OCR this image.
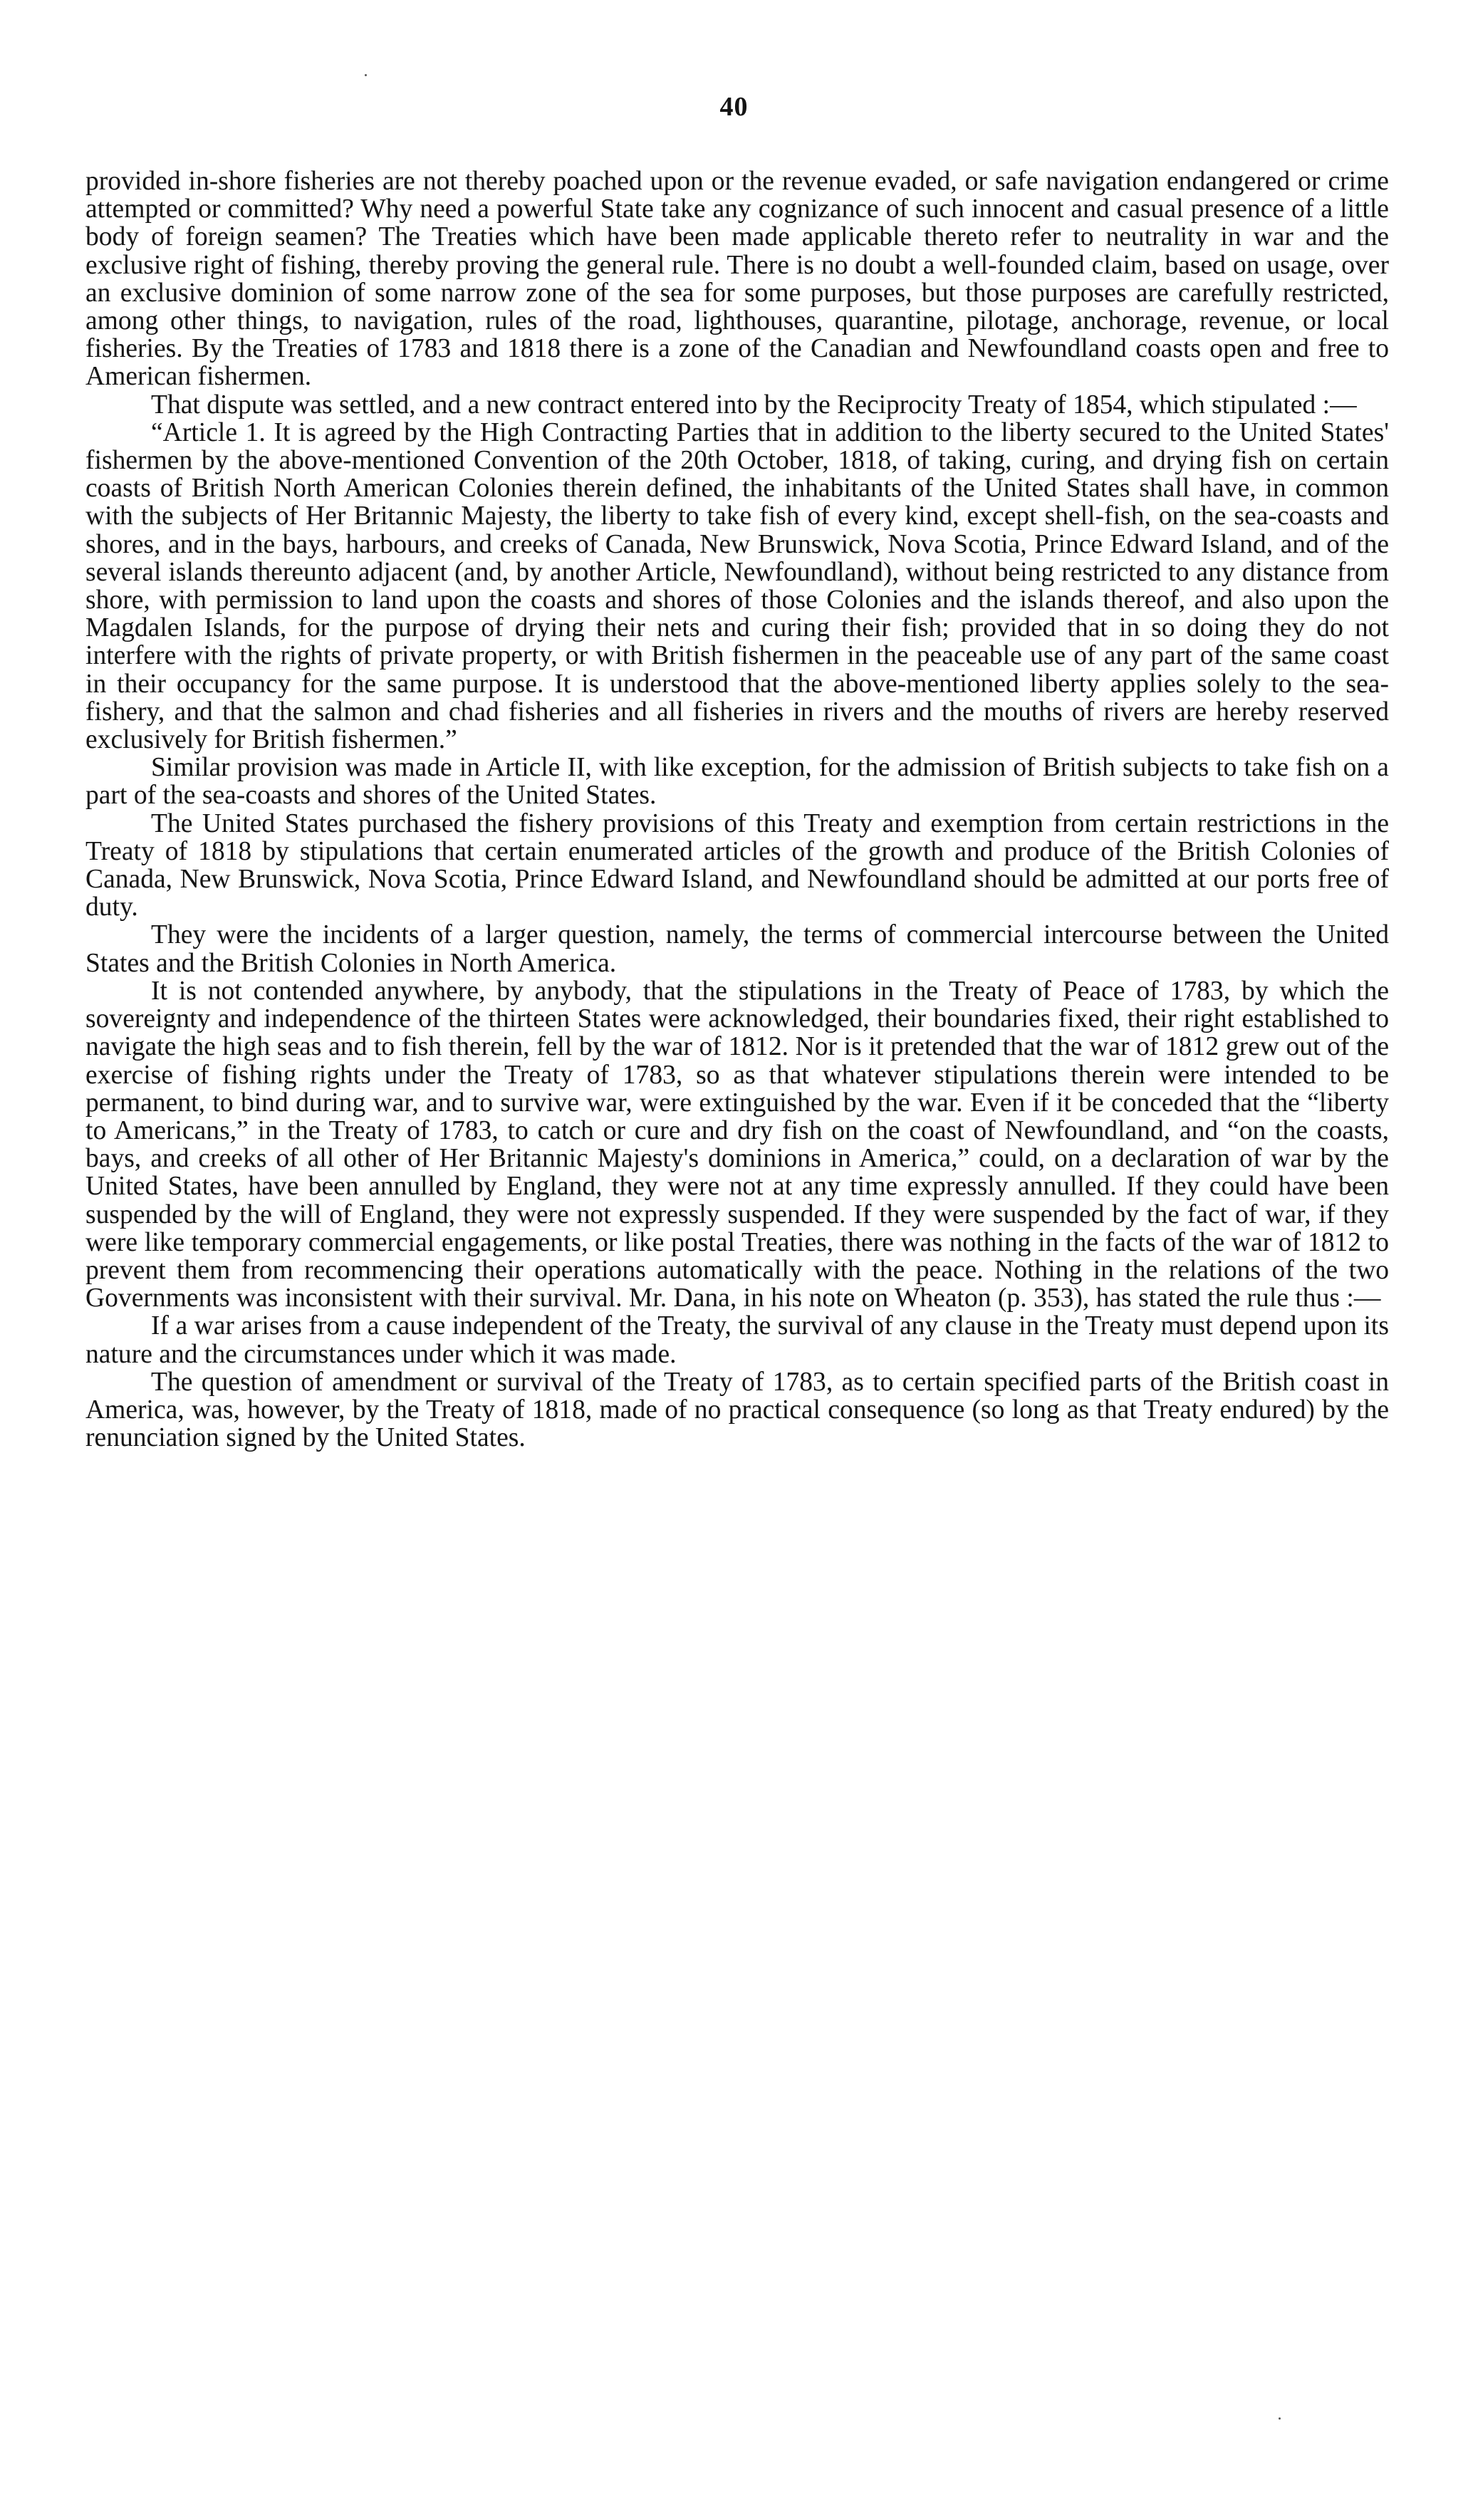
40

provided in-shore fisheries are not thereby poached upon or the revenue evaded, or safe navigation endangered or crime attempted or committed? Why need a powerful State take any cognizance of such innocent and casual presence of a little body of foreign seamen? The Treaties which have been made applicable thereto refer to neutrality in war and the exclusive right of fishing, thereby proving the general rule. There is no doubt a well-founded claim, based on usage, over an exclusive dominion of some narrow zone of the sea for some purposes, but those purposes are carefully restricted, among other things, to navigation, rules of the road, lighthouses, quarantine, pilotage, anchorage, revenue, or local fisheries. By the Treaties of 1783 and 1818 there is a zone of the Canadian and Newfoundland coasts open and free to American fishermen.

That dispute was settled, and a new contract entered into by the Reciprocity Treaty of 1854, which stipulated :—

“Article 1. It is agreed by the High Contracting Parties that in addition to the liberty secured to the United States' fishermen by the above-mentioned Convention of the 20th October, 1818, of taking, curing, and drying fish on certain coasts of British North American Colonies therein defined, the inhabitants of the United States shall have, in common with the subjects of Her Britannic Majesty, the liberty to take fish of every kind, except shell-fish, on the sea-coasts and shores, and in the bays, harbours, and creeks of Canada, New Brunswick, Nova Scotia, Prince Edward Island, and of the several islands thereunto adjacent (and, by another Article, Newfoundland), without being restricted to any distance from shore, with permission to land upon the coasts and shores of those Colonies and the islands thereof, and also upon the Magdalen Islands, for the purpose of drying their nets and curing their fish; provided that in so doing they do not interfere with the rights of private property, or with British fishermen in the peaceable use of any part of the same coast in their occupancy for the same purpose. It is understood that the above-mentioned liberty applies solely to the sea-fishery, and that the salmon and chad fisheries and all fisheries in rivers and the mouths of rivers are hereby reserved exclusively for British fishermen.”

Similar provision was made in Article II, with like exception, for the admission of British subjects to take fish on a part of the sea-coasts and shores of the United States.

The United States purchased the fishery provisions of this Treaty and exemption from certain restrictions in the Treaty of 1818 by stipulations that certain enumerated articles of the growth and produce of the British Colonies of Canada, New Brunswick, Nova Scotia, Prince Edward Island, and Newfoundland should be admitted at our ports free of duty.

They were the incidents of a larger question, namely, the terms of commercial intercourse between the United States and the British Colonies in North America.

It is not contended anywhere, by anybody, that the stipulations in the Treaty of Peace of 1783, by which the sovereignty and independence of the thirteen States were acknowledged, their boundaries fixed, their right established to navigate the high seas and to fish therein, fell by the war of 1812. Nor is it pretended that the war of 1812 grew out of the exercise of fishing rights under the Treaty of 1783, so as that whatever stipulations therein were intended to be permanent, to bind during war, and to survive war, were extinguished by the war. Even if it be conceded that the “liberty to Americans,” in the Treaty of 1783, to catch or cure and dry fish on the coast of Newfoundland, and “on the coasts, bays, and creeks of all other of Her Britannic Majesty's dominions in America,” could, on a declaration of war by the United States, have been annulled by England, they were not at any time expressly annulled. If they could have been suspended by the will of England, they were not expressly suspended. If they were suspended by the fact of war, if they were like temporary commercial engagements, or like postal Treaties, there was nothing in the facts of the war of 1812 to prevent them from recommencing their operations automatically with the peace. Nothing in the relations of the two Governments was inconsistent with their survival. Mr. Dana, in his note on Wheaton (p. 353), has stated the rule thus :—

If a war arises from a cause independent of the Treaty, the survival of any clause in the Treaty must depend upon its nature and the circumstances under which it was made.

The question of amendment or survival of the Treaty of 1783, as to certain specified parts of the British coast in America, was, however, by the Treaty of 1818, made of no practical consequence (so long as that Treaty endured) by the renunciation signed by the United States.
